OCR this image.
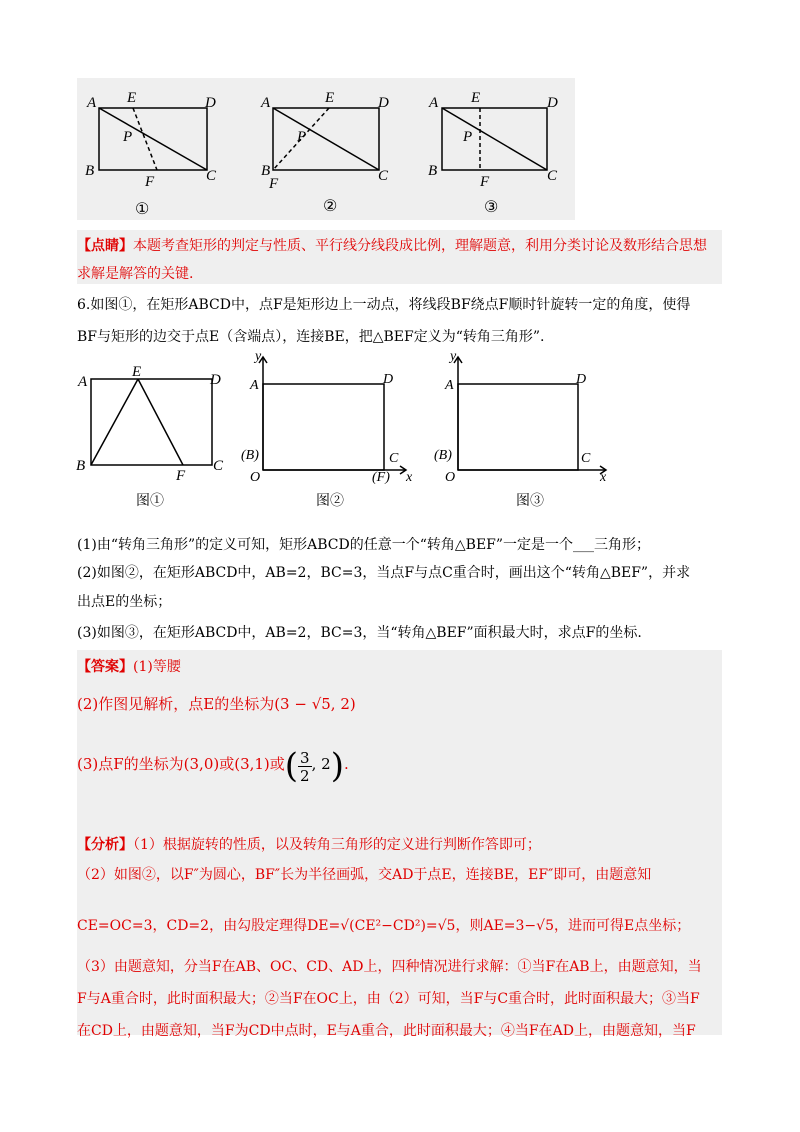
A E	D
P
B
F	C
①
A	E	D
P
B
F	C
②
A E	D
P
B
F	C
③
【点睛】本题考查矩形的判定与性质、平行线分线段成比例，理解题意，利用分类讨论及数形结合思想
求解是解答的关键.
6.如图①，在矩形ABCD中，点F是矩形边上一动点，将线段BF绕点F顺时针旋转一定的角度，使得
BF与矩形的边交于点E（含端点），连接BE，把△BEF定义为“转角三角形”.
A
E	D
B
F
C
图①
y
A	D
(B)
O
C
(F) x
图②
y
A	D
(B)
O
C
x
图③
(1)由“转角三角形”的定义可知，矩形ABCD的任意一个“转角△BEF”一定是一个___三角形；
(2)如图②，在矩形ABCD中，AB=2，BC=3，当点F与点C重合时，画出这个“转角△BEF”，并求
出点E的坐标；
(3)如图③，在矩形ABCD中，AB=2，BC=3，当“转角△BEF”面积最大时，求点F的坐标.
【答案】(1)等腰
(2)作图见解析，点E的坐标为(3 − √5, 2)
(3)点F的坐标为(3,0)或(3,1)或( $\frac{3}{2}$ , 2).
【分析】（1）根据旋转的性质，以及转角三角形的定义进行判断作答即可；
（2）如图②，以F″为圆心，BF″长为半径画弧，交AD于点E，连接BE，EF″即可，由题意知
CE=OC=3，CD=2，由勾股定理得DE=√(CE²−CD²)=√5，则AE=3−√5，进而可得E点坐标；
（3）由题意知，分当F在AB、OC、CD、AD上，四种情况进行求解：①当F在AB上，由题意知，当
F与A重合时，此时面积最大；②当F在OC上，由（2）可知，当F与C重合时，此时面积最大；③当F
在CD上，由题意知，当F为CD中点时，E与A重合，此时面积最大；④当F在AD上，由题意知，当F
